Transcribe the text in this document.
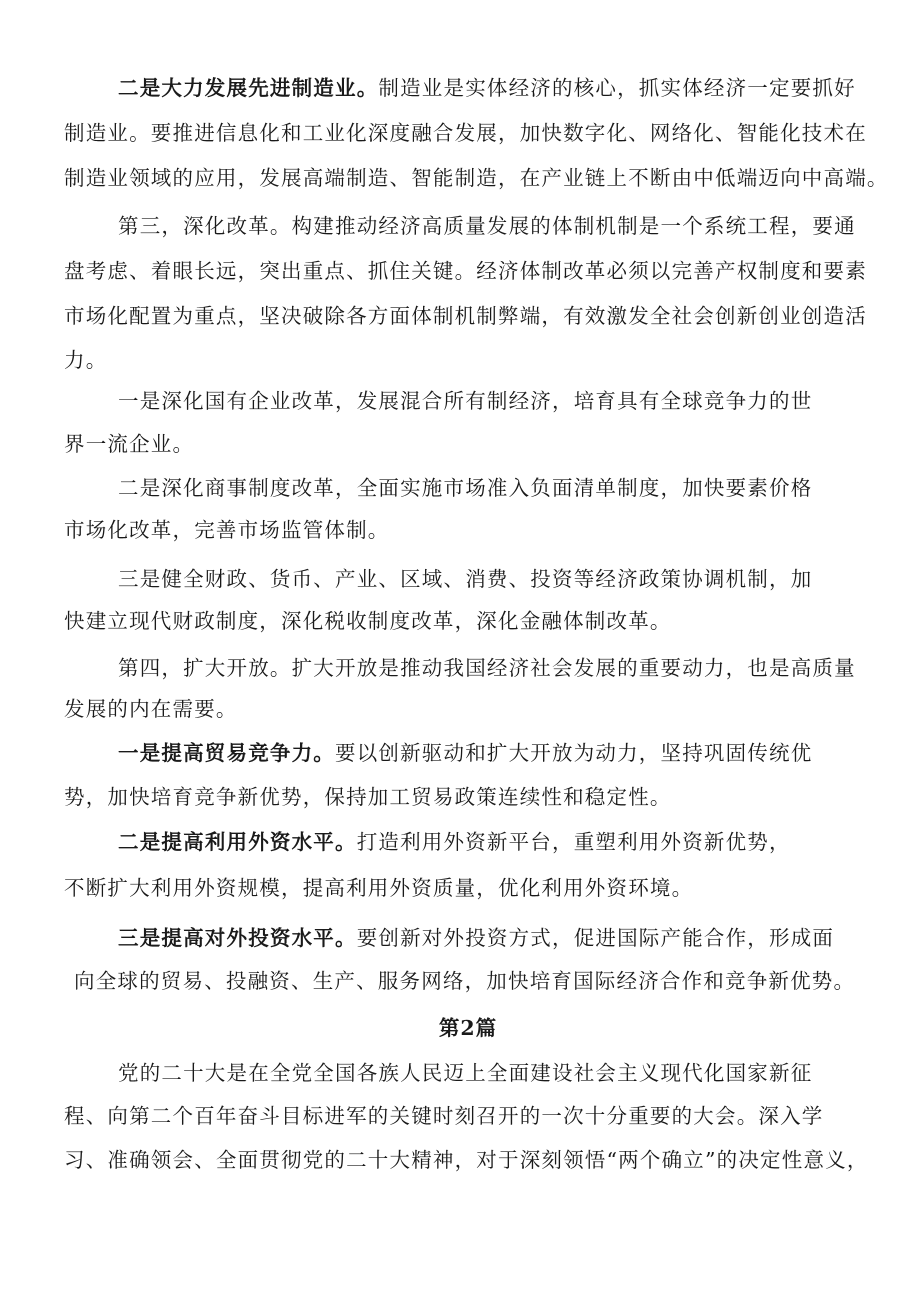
二是大力发展先进制造业。制造业是实体经济的核心，抓实体经济一定要抓好
制造业。要推进信息化和工业化深度融合发展，加快数字化、网络化、智能化技术在
制造业领域的应用，发展高端制造、智能制造，在产业链上不断由中低端迈向中高端。
第三，深化改革。构建推动经济高质量发展的体制机制是一个系统工程，要通
盘考虑、着眼长远，突出重点、抓住关键。经济体制改革必须以完善产权制度和要素
市场化配置为重点，坚决破除各方面体制机制弊端，有效激发全社会创新创业创造活
力。
一是深化国有企业改革，发展混合所有制经济，培育具有全球竞争力的世
界一流企业。
二是深化商事制度改革，全面实施市场准入负面清单制度，加快要素价格
市场化改革，完善市场监管体制。
三是健全财政、货币、产业、区域、消费、投资等经济政策协调机制，加
快建立现代财政制度，深化税收制度改革，深化金融体制改革。
第四，扩大开放。扩大开放是推动我国经济社会发展的重要动力，也是高质量
发展的内在需要。
一是提高贸易竞争力。要以创新驱动和扩大开放为动力，坚持巩固传统优
势，加快培育竞争新优势，保持加工贸易政策连续性和稳定性。
二是提高利用外资水平。打造利用外资新平台，重塑利用外资新优势，
不断扩大利用外资规模，提高利用外资质量，优化利用外资环境。
三是提高对外投资水平。要创新对外投资方式，促进国际产能合作，形成面
向全球的贸易、投融资、生产、服务网络，加快培育国际经济合作和竞争新优势。
第2篇
党的二十大是在全党全国各族人民迈上全面建设社会主义现代化国家新征
程、向第二个百年奋斗目标进军的关键时刻召开的一次十分重要的大会。深入学
习、准确领会、全面贯彻党的二十大精神，对于深刻领悟“两个确立”的决定性意义，
